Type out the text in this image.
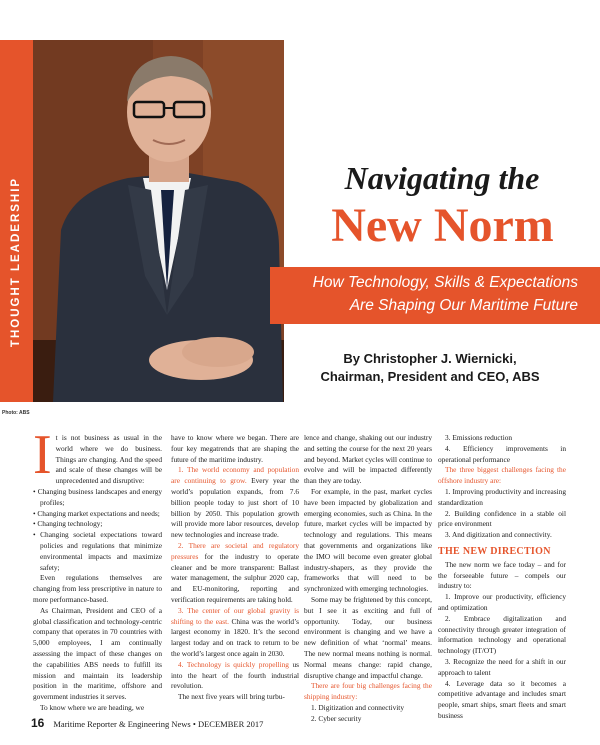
THOUGHT LEADERSHIP
Photo: ABS
Navigating the
New Norm
How Technology, Skills & Expectations
Are Shaping Our Maritime Future
By Christopher J. Wiernicki,
Chairman, President and CEO, ABS
I t is not business as usual in the world where we do business. Things are changing. And the speed and scale of these changes will be unprecedented and disruptive:

• Changing business landscapes and energy profiles;

• Changing market expectations and needs;

• Changing technology;

• Changing societal expectations toward policies and regulations that minimize environmental impacts and maximize safety;

Even regulations themselves are changing from less prescriptive in nature to more performance-based.

As Chairman, President and CEO of a global classification and technology-centric company that operates in 70 countries with 5,000 employees, I am continually assessing the impact of these changes on the capabilities ABS needs to fulfill its mission and maintain its leadership position in the maritime, offshore and government industries it serves.

To know where we are heading, we

have to know where we began. There are four key megatrends that are shaping the future of the maritime industry.

1. The world economy and population are continuing to grow. Every year the world’s population expands, from 7.6 billion people today to just short of 10 billion by 2050. This population growth will provide more labor resources, develop new technologies and increase trade.

2. There are societal and regulatory pressures for the industry to operate cleaner and be more transparent: Ballast water management, the sulphur 2020 cap, and EU-monitoring, reporting and verification requirements are taking hold.

3. The center of our global gravity is shifting to the east. China was the world’s largest economy in 1820. It’s the second largest today and on track to return to be the world’s largest once again in 2030.

4. Technology is quickly propelling us into the heart of the fourth industrial revolution.

The next five years will bring turbu-

lence and change, shaking out our industry and setting the course for the next 20 years and beyond. Market cycles will continue to evolve and will be impacted differently than they are today.

For example, in the past, market cycles have been impacted by globalization and emerging economies, such as China. In the future, market cycles will be impacted by technology and regulations. This means that governments and organizations like the IMO will become even greater global industry-shapers, as they provide the frameworks that will need to be synchronized with emerging technologies.

Some may be frightened by this concept, but I see it as exciting and full of opportunity. Today, our business environment is changing and we have a new definition of what ‘normal’ means. The new normal means nothing is normal. Normal means change: rapid change, disruptive change and impactful change.

There are four big challenges facing the shipping industry:

1. Digitization and connectivity

2. Cyber security

3. Emissions reduction

4. Efficiency improvements in operational performance

The three biggest challenges facing the offshore industry are:

1. Improving productivity and increasing standardization

2. Building confidence in a stable oil price environment

3. And digitization and connectivity.

THE NEW DIRECTION

The new norm we face today – and for the forseeable future – compels our industry to:

1. Improve our productivity, efficiency and optimization

2. Embrace digitalization and connectivity through greater integration of information technology and operational technology (IT/OT)

3. Recognize the need for a shift in our approach to talent

4. Leverage data so it becomes a competitive advantage and includes smart people, smart ships, smart fleets and smart business

16 Maritime Reporter & Engineering News • DECEMBER 2017
